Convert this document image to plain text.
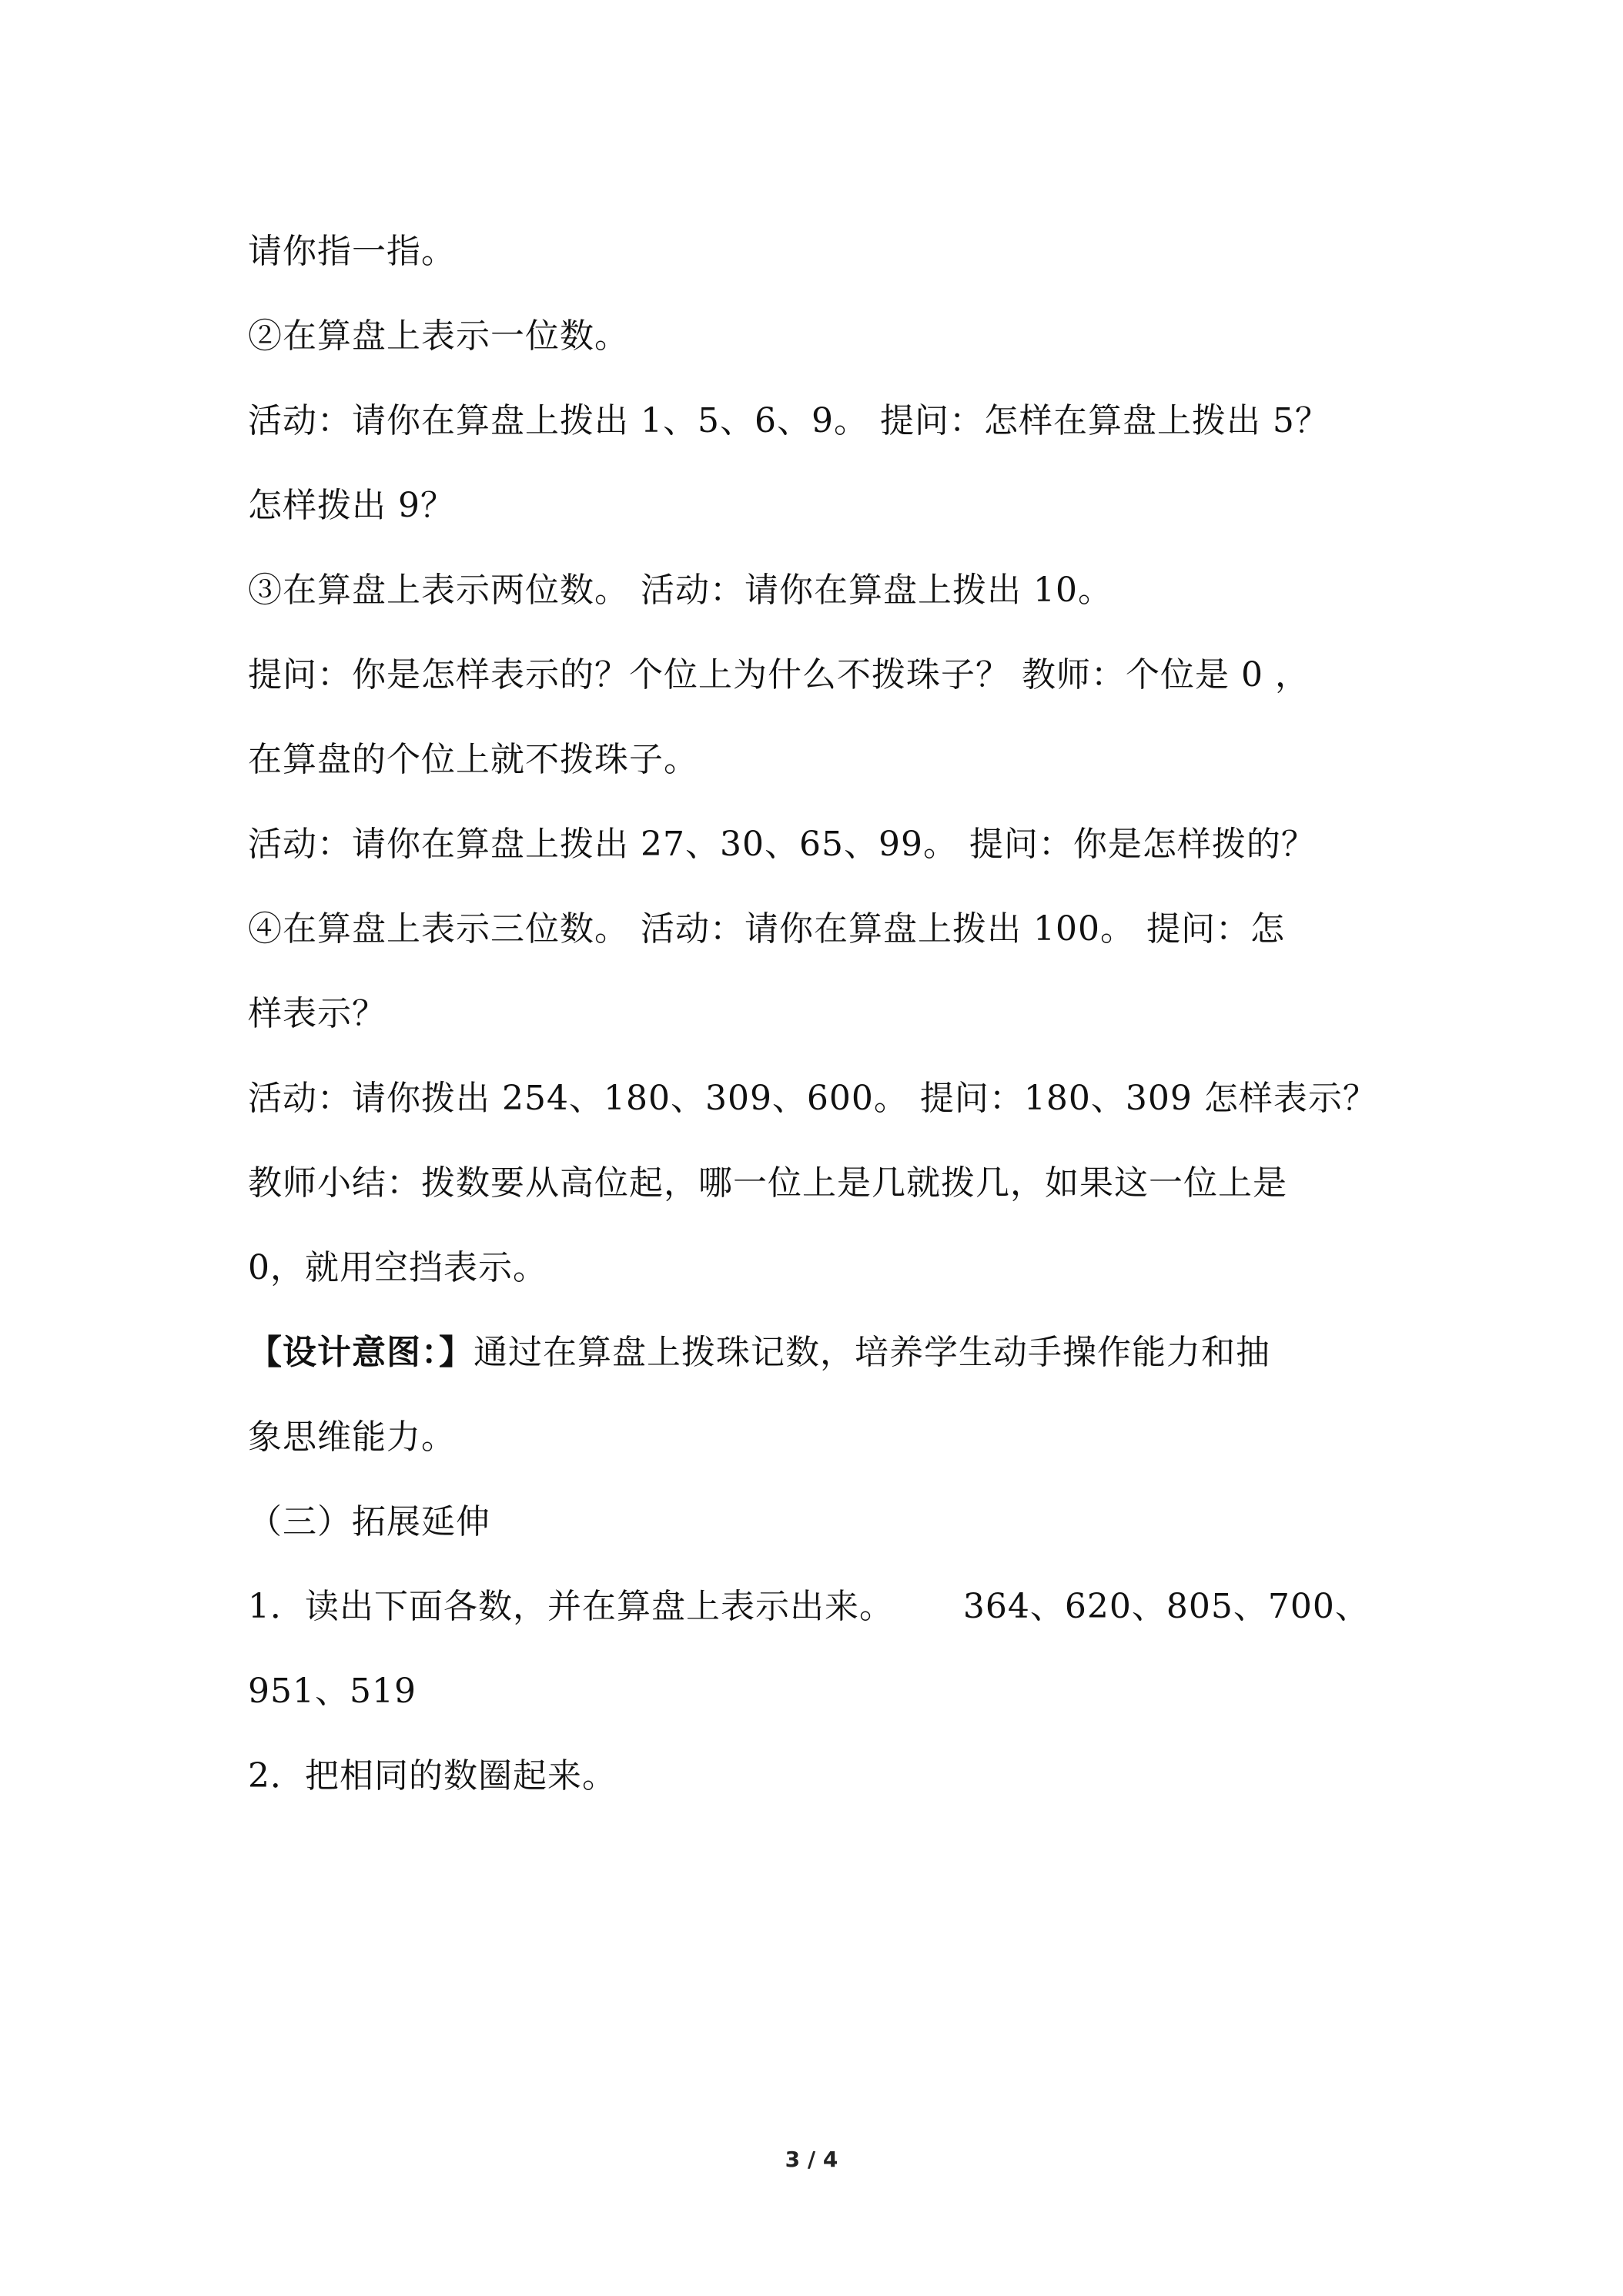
请你指一指。
②在算盘上表示一位数。
活动：请你在算盘上拨出 1、5、6、9。 提问：怎样在算盘上拨出 5？
怎样拨出 9？
③在算盘上表示两位数。 活动：请你在算盘上拨出 10。
提问：你是怎样表示的？个位上为什么不拨珠子？ 教师：个位是 0 ，
在算盘的个位上就不拨珠子。
活动：请你在算盘上拨出 27、30、65、99。 提问：你是怎样拨的？
④在算盘上表示三位数。 活动：请你在算盘上拨出 100。 提问：怎
样表示？
活动：请你拨出 254、180、309、600。 提问：180、309 怎样表示？
教师小结：拨数要从高位起，哪一位上是几就拨几，如果这一位上是
0，就用空挡表示。
【设计意图：】通过在算盘上拨珠记数，培养学生动手操作能力和抽
象思维能力。
（三）拓展延伸
1．读出下面各数，并在算盘上表示出来。      364、620、805、700、
951、519
2．把相同的数圈起来。
3 / 4
